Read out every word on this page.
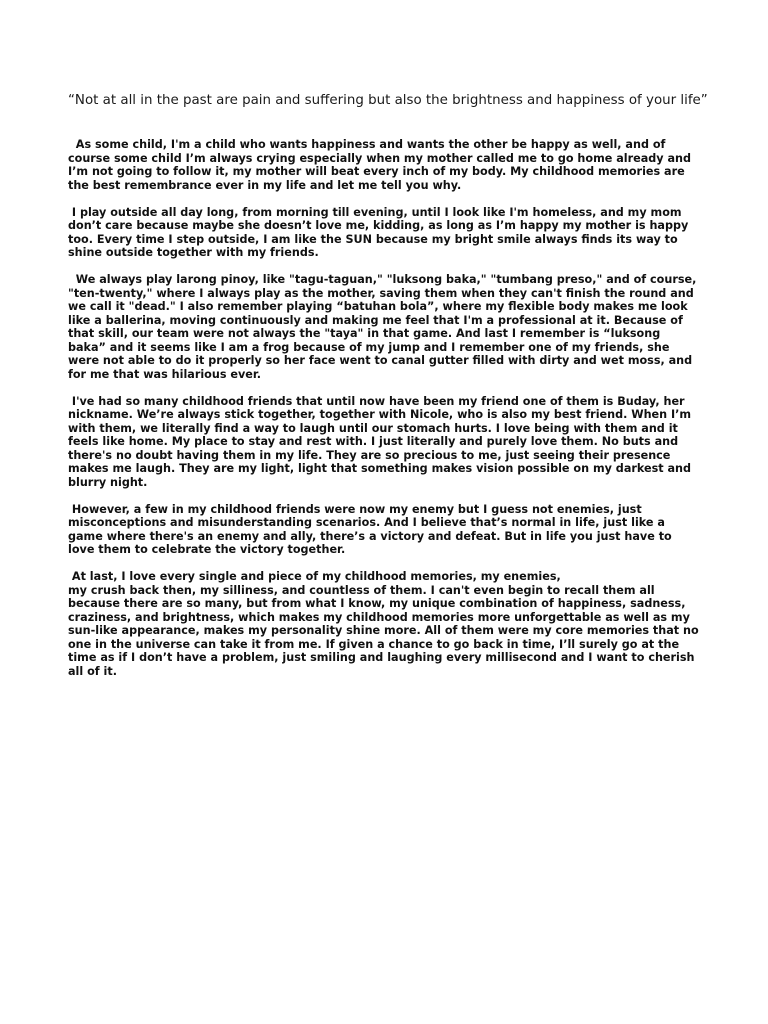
“Not at all in the past are pain and suffering but also the brightness and happiness of your life”

As some child, I'm a child who wants happiness and wants the other be happy as well, and of course some child I’m always crying especially when my mother called me to go home already and I’m not going to follow it, my mother will beat every inch of my body. My childhood memories are the best remembrance ever in my life and let me tell you why.

I play outside all day long, from morning till evening, until I look like I'm homeless, and my mom don’t care because maybe she doesn’t love me, kidding, as long as I’m happy my mother is happy too. Every time I step outside, I am like the SUN because my bright smile always finds its way to shine outside together with my friends.

We always play larong pinoy, like "tagu-taguan," "luksong baka," "tumbang preso," and of course, "ten-twenty," where I always play as the mother, saving them when they can't finish the round and we call it "dead." I also remember playing “batuhan bola”, where my flexible body makes me look like a ballerina, moving continuously and making me feel that I'm a professional at it. Because of that skill, our team were not always the "taya" in that game. And last I remember is “luksong baka” and it seems like I am a frog because of my jump and I remember one of my friends, she were not able to do it properly so her face went to canal gutter filled with dirty and wet moss, and for me that was hilarious ever.

I've had so many childhood friends that until now have been my friend one of them is Buday, her nickname. We’re always stick together, together with Nicole, who is also my best friend. When I’m with them, we literally find a way to laugh until our stomach hurts. I love being with them and it feels like home. My place to stay and rest with. I just literally and purely love them. No buts and there's no doubt having them in my life. They are so precious to me, just seeing their presence makes me laugh. They are my light, light that something makes vision possible on my darkest and blurry night.

However, a few in my childhood friends were now my enemy but I guess not enemies, just misconceptions and misunderstanding scenarios. And I believe that’s normal in life, just like a game where there's an enemy and ally, there’s a victory and defeat. But in life you just have to love them to celebrate the victory together.

At last, I love every single and piece of my childhood memories, my enemies,
my crush back then, my silliness, and countless of them. I can't even begin to recall them all because there are so many, but from what I know, my unique combination of happiness, sadness, craziness, and brightness, which makes my childhood memories more unforgettable as well as my sun-like appearance, makes my personality shine more. All of them were my core memories that no one in the universe can take it from me. If given a chance to go back in time, I’ll surely go at the time as if I don’t have a problem, just smiling and laughing every millisecond and I want to cherish all of it.
